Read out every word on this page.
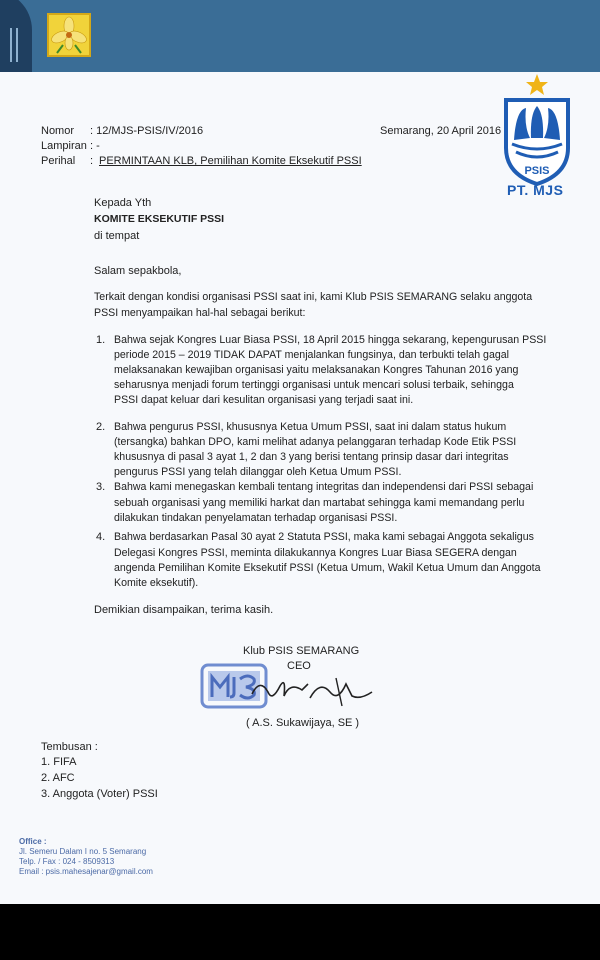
Nomor : 12/MJS-PSIS/IV/2016
Lampiran : -
Perihal : PERMINTAAN KLB, Pemilihan Komite Eksekutif PSSI
Semarang, 20 April 2016
PSIS
PT. MJS
Kepada Yth
KOMITE EKSEKUTIF PSSI
di tempat
Salam sepakbola,
Terkait dengan kondisi organisasi PSSI saat ini, kami Klub PSIS SEMARANG selaku anggota
PSSI menyampaikan hal-hal sebagai berikut:
1. Bahwa sejak Kongres Luar Biasa PSSI, 18 April 2015 hingga sekarang, kepengurusan PSSI
periode 2015 – 2019 TIDAK DAPAT menjalankan fungsinya, dan terbukti telah gagal
melaksanakan kewajiban organisasi yaitu melaksanakan Kongres Tahunan 2016 yang
seharusnya menjadi forum tertinggi organisasi untuk mencari solusi terbaik, sehingga
PSSI dapat keluar dari kesulitan organisasi yang terjadi saat ini.
2. Bahwa pengurus PSSI, khususnya Ketua Umum PSSI, saat ini dalam status hukum
(tersangka) bahkan DPO, kami melihat adanya pelanggaran terhadap Kode Etik PSSI
khususnya di pasal 3 ayat 1, 2 dan 3 yang berisi tentang prinsip dasar dari integritas
pengurus PSSI yang telah dilanggar oleh Ketua Umum PSSI.
3. Bahwa kami menegaskan kembali tentang integritas dan independensi dari PSSI sebagai
sebuah organisasi yang memiliki harkat dan martabat sehingga kami memandang perlu
dilakukan tindakan penyelamatan terhadap organisasi PSSI.
4. Bahwa berdasarkan Pasal 30 ayat 2 Statuta PSSI, maka kami sebagai Anggota sekaligus
Delegasi Kongres PSSI, meminta dilakukannya Kongres Luar Biasa SEGERA dengan
angenda Pemilihan Komite Eksekutif PSSI (Ketua Umum, Wakil Ketua Umum dan Anggota
Komite eksekutif).
Demikian disampaikan, terima kasih.
Klub PSIS SEMARANG
CEO
( A.S. Sukawijaya, SE )
Tembusan :
1. FIFA
2. AFC
3. Anggota (Voter) PSSI
Office :
Jl. Semeru Dalam I no. 5 Semarang
Telp. / Fax : 024 - 8509313
Email : psis.mahesajenar@gmail.com
